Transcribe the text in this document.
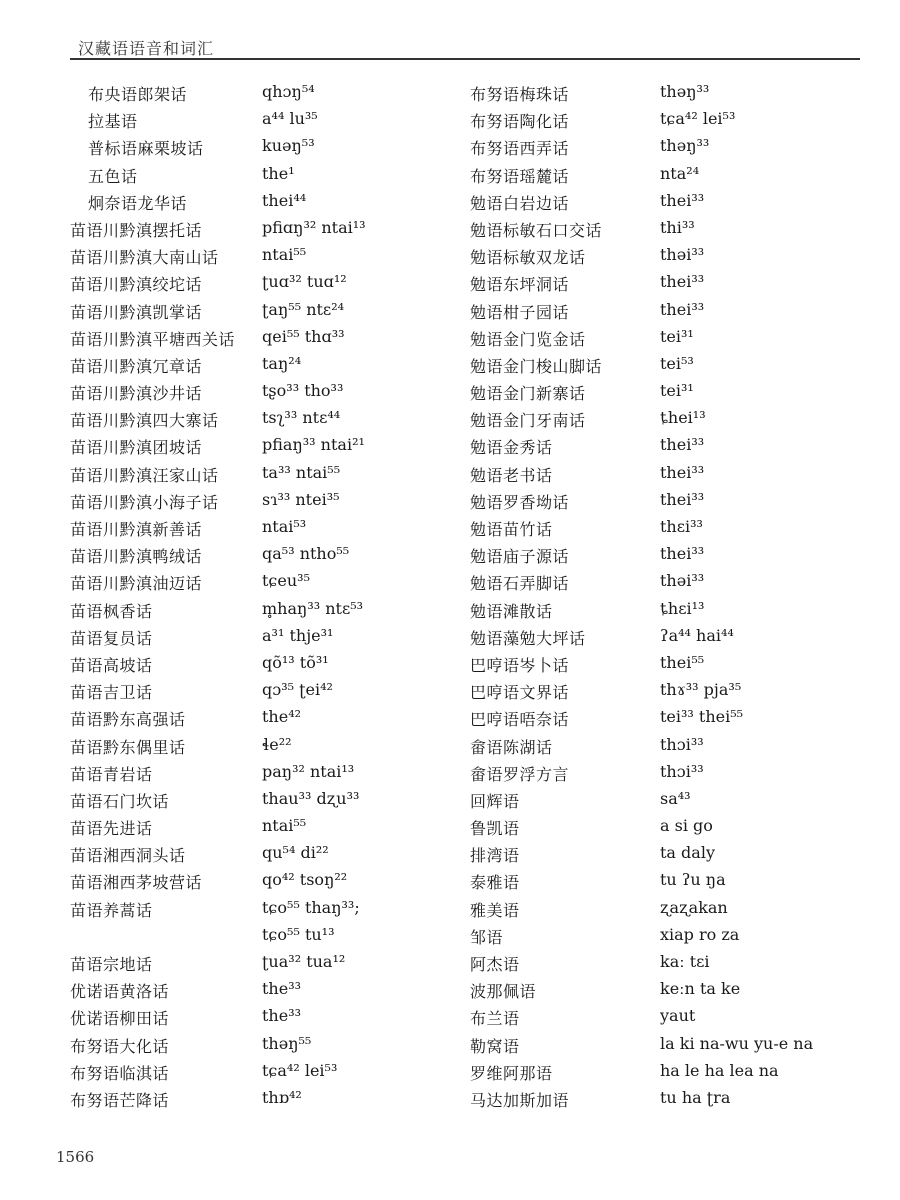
汉藏语语音和词汇
布央语郎架话	qhɔŋ⁵⁴
拉基语	a⁴⁴ lu³⁵
普标语麻栗坡话	kuəŋ⁵³
五色话	the¹
炯奈语龙华话	thei⁴⁴
苗语川黔滇摆托话	pfiɑŋ³² ntai¹³
苗语川黔滇大南山话	ntai⁵⁵
苗语川黔滇绞坨话	ʈuɑ³² tuɑ¹²
苗语川黔滇凯掌话	ʈaŋ⁵⁵ ntɛ²⁴
苗语川黔滇平塘西关话 qei⁵⁵ thɑ³³
苗语川黔滇冗章话	taŋ²⁴
苗语川黔滇沙井话	tʂo³³ tho³³
苗语川黔滇四大寨话	tsʅ³³ ntɛ⁴⁴
苗语川黔滇团坡话	pfiaŋ³³ ntai²¹
苗语川黔滇汪家山话	ta³³ ntai⁵⁵
苗语川黔滇小海子话	sɿ³³ ntei³⁵
苗语川黔滇新善话	ntai⁵³
苗语川黔滇鸭绒话	qa⁵³ ntho⁵⁵
苗语川黔滇油迈话	tɕeu³⁵
苗语枫香话	m̥haŋ³³ ntɛ⁵³
苗语复员话	a³¹ thje³¹
苗语高坡话	qõ¹³ tõ³¹
苗语吉卫话	qɔ³⁵ ʈei⁴²
苗语黔东高强话	the⁴²
苗语黔东偶里话	ɬe²²
苗语青岩话	paŋ³² ntai¹³
苗语石门坎话	thau³³ dʐu³³
苗语先进话	ntai⁵⁵
苗语湘西洞头话	qu⁵⁴ di²²
苗语湘西茅坡营话	qo⁴² tsoŋ²²
苗语养蒿话	tɕo⁵⁵ thaŋ³³;
tɕo⁵⁵ tu¹³
苗语宗地话	ʈua³² tua¹²
优诺语黄洛话	the³³
优诺语柳田话	the³³
布努语大化话	thəŋ⁵⁵
布努语临淇话	tɕa⁴² lei⁵³
布努语芒降话	thɒ⁴²
布努语梅珠话	thəŋ³³
布努语陶化话	tɕa⁴² lei⁵³
布努语西弄话	thəŋ³³
布努语瑶麓话	nta²⁴
勉语白岩边话	thei³³
勉语标敏石口交话	thi³³
勉语标敏双龙话	thəi³³
勉语东坪洞话	thei³³
勉语柑子园话	thei³³
勉语金门览金话	tei³¹
勉语金门梭山脚话	tei⁵³
勉语金门新寨话	tei³¹
勉语金门牙南话	ȶhei¹³
勉语金秀话	thei³³
勉语老书话	thei³³
勉语罗香坳话	thei³³
勉语苗竹话	thɛi³³
勉语庙子源话	thei³³
勉语石弄脚话	thəi³³
勉语滩散话	ȶhɛi¹³
勉语藻勉大坪话	ʔa⁴⁴ hai⁴⁴
巴哼语岑卜话	thei⁵⁵
巴哼语文界话	thɤ³³ pja³⁵
巴哼语唔奈话	tei³³ thei⁵⁵
畲语陈湖话	thɔi³³
畲语罗浮方言	thɔi³³
回辉语	sa⁴³
鲁凯语	a si go
排湾语	ta daly
泰雅语	tu ʔu ŋa
雅美语	ʐaʐakan
邹语	xiap ro za
阿杰语	kaː tɛi
波那佩语	keːn ta ke
布兰语	yaut
勒窝语	la ki na-wu yu-e na
罗维阿那语	ha le ha lea na
马达加斯加语	tu ha ʈra
1566
